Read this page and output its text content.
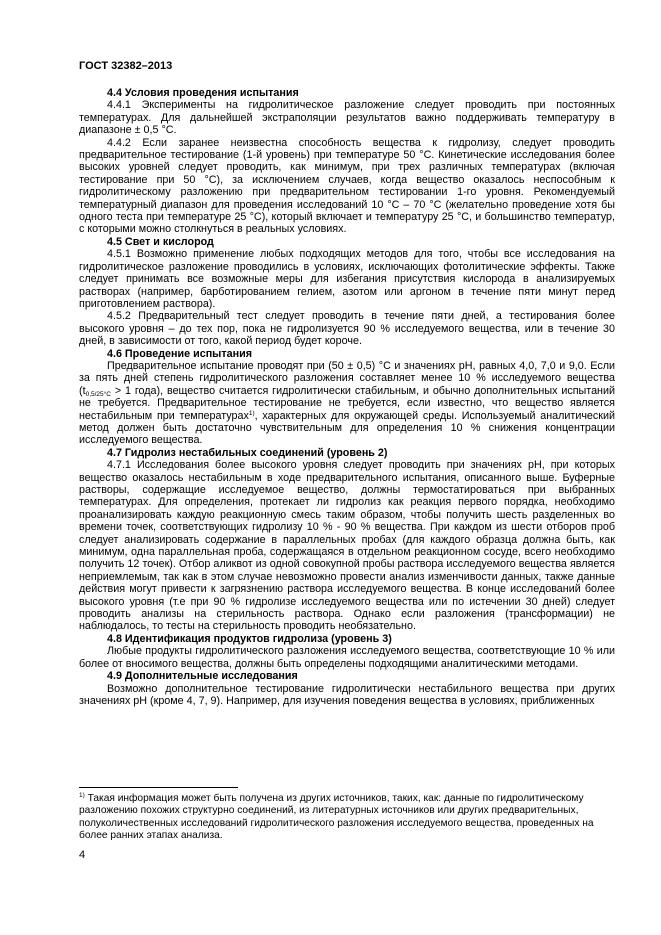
ГОСТ 32382–2013

4.4 Условия проведения испытания

4.4.1 Эксперименты на гидролитическое разложение следует проводить при постоянных температурах. Для дальнейшей экстраполяции результатов важно поддерживать температуру в диапазоне ± 0,5 °С.

4.4.2 Если заранее неизвестна способность вещества к гидролизу, следует проводить предварительное тестирование (1-й уровень) при температуре 50 °С. Кинетические исследования более высоких уровней следует проводить, как минимум, при трех различных температурах (включая тестирование при 50 °С), за исключением случаев, когда вещество оказалось неспособным к гидролитическому разложению при предварительном тестировании 1-го уровня. Рекомендуемый температурный диапазон для проведения исследований 10 °С – 70 °С (желательно проведение хотя бы одного теста при температуре 25 °С), который включает и температуру 25 °С, и большинство температур, с которыми можно столкнуться в реальных условиях.

4.5 Свет и кислород

4.5.1 Возможно применение любых подходящих методов для того, чтобы все исследования на гидролитическое разложение проводились в условиях, исключающих фотолитические эффекты. Также следует принимать все возможные меры для избегания присутствия кислорода в анализируемых растворах (например, барботированием гелием, азотом или аргоном в течение пяти минут перед приготовлением раствора).

4.5.2 Предварительный тест следует проводить в течение пяти дней, а тестирования более высокого уровня – до тех пор, пока не гидролизуется 90 % исследуемого вещества, или в течение 30 дней, в зависимости от того, какой период будет короче.

4.6 Проведение испытания

Предварительное испытание проводят при (50 ± 0,5) °С и значениях pH, равных 4,0, 7,0 и 9,0. Если за пять дней степень гидролитического разложения составляет менее 10 % исследуемого вещества ($t_{0,5/25^\circ С} > 1$ года), вещество считается гидролитически стабильным, и обычно дополнительных испытаний не требуется. Предварительное тестирование не требуется, если известно, что вещество является нестабильным при температурах$^{1)}$, характерных для окружающей среды. Используемый аналитический метод должен быть достаточно чувствительным для определения 10 % снижения концентрации исследуемого вещества.

4.7 Гидролиз нестабильных соединений (уровень 2)

4.7.1 Исследования более высокого уровня следует проводить при значениях pH, при которых вещество оказалось нестабильным в ходе предварительного испытания, описанного выше. Буферные растворы, содержащие исследуемое вещество, должны термостатироваться при выбранных температурах. Для определения, протекает ли гидролиз как реакция первого порядка, необходимо проанализировать каждую реакционную смесь таким образом, чтобы получить шесть разделенных во времени точек, соответствующих гидролизу 10 % - 90 % вещества. При каждом из шести отборов проб следует анализировать содержание в параллельных пробах (для каждого образца должна быть, как минимум, одна параллельная проба, содержащаяся в отдельном реакционном сосуде, всего необходимо получить 12 точек). Отбор аликвот из одной совокупной пробы раствора исследуемого вещества является неприемлемым, так как в этом случае невозможно провести анализ изменчивости данных, также данные действия могут привести к загрязнению раствора исследуемого вещества. В конце исследований более высокого уровня (т.е при 90 % гидролизе исследуемого вещества или по истечении 30 дней) следует проводить анализы на стерильность раствора. Однако если разложения (трансформации) не наблюдалось, то тесты на стерильность проводить необязательно.

4.8 Идентификация продуктов гидролиза (уровень 3)

Любые продукты гидролитического разложения исследуемого вещества, соответствующие 10 % или более от вносимого вещества, должны быть определены подходящими аналитическими методами.

4.9 Дополнительные исследования

Возможно дополнительное тестирование гидролитически нестабильного вещества при других значениях pH (кроме 4, 7, 9). Например, для изучения поведения вещества в условиях, приближенных

$^{1)}$ Такая информация может быть получена из других источников, таких, как: данные по гидролитическому разложению похожих структурно соединений, из литературных источников или других предварительных, полуколичественных исследований гидролитического разложения исследуемого вещества, проведенных на более ранних этапах анализа.

4
